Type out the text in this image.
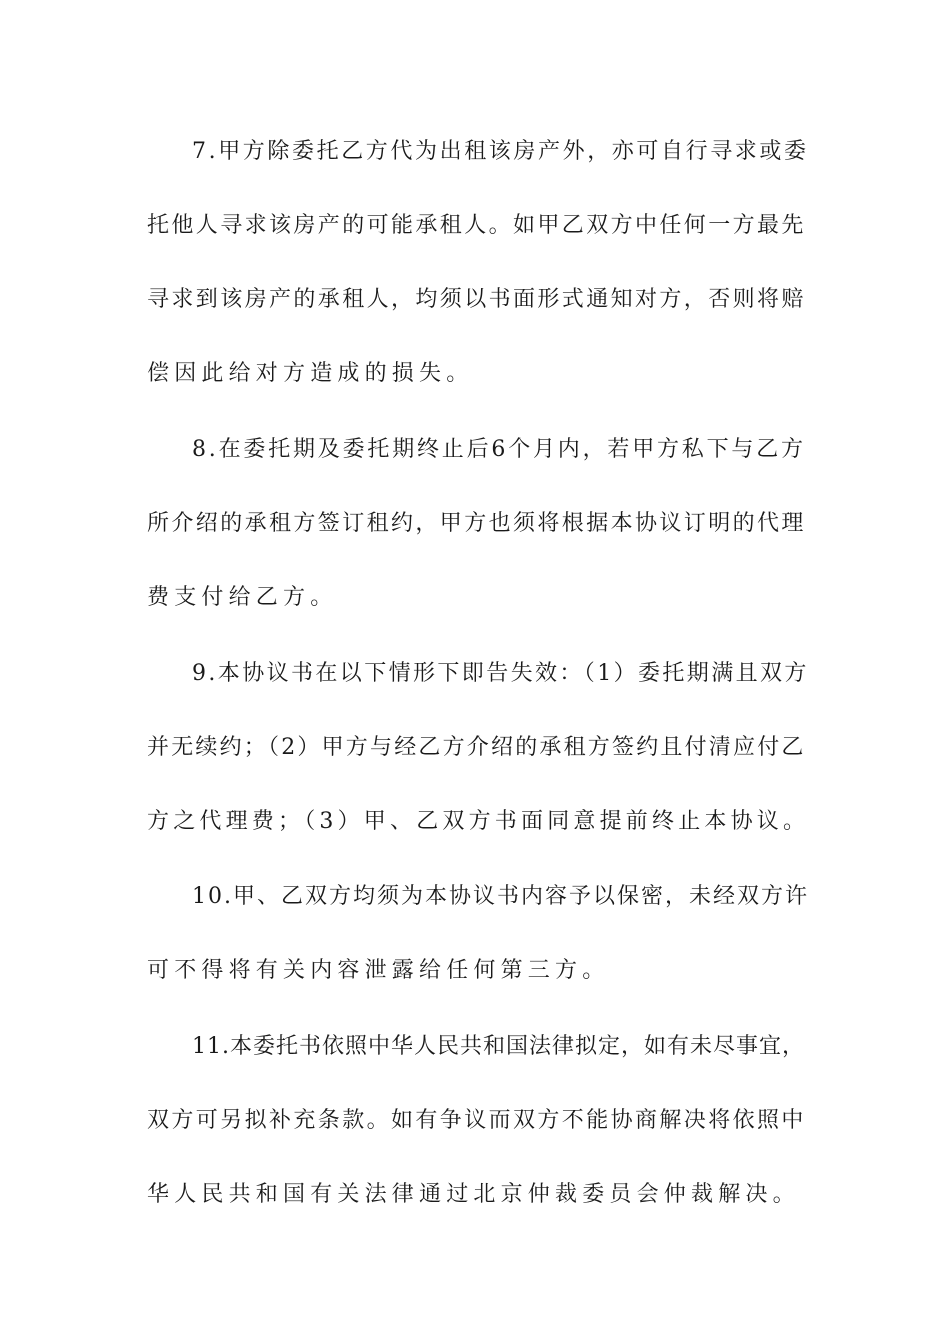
7.甲方除委托乙方代为出租该房产外，亦可自行寻求或委
托他人寻求该房产的可能承租人。如甲乙双方中任何一方最先
寻求到该房产的承租人，均须以书面形式通知对方，否则将赔
偿因此给对方造成的损失。
8.在委托期及委托期终止后6个月内，若甲方私下与乙方
所介绍的承租方签订租约，甲方也须将根据本协议订明的代理
费支付给乙方。
9.本协议书在以下情形下即告失效：（1）委托期满且双方
并无续约；（2）甲方与经乙方介绍的承租方签约且付清应付乙
方之代理费；（3）甲、乙双方书面同意提前终止本协议。
10.甲、乙双方均须为本协议书内容予以保密，未经双方许
可不得将有关内容泄露给任何第三方。
11.本委托书依照中华人民共和国法律拟定，如有未尽事宜，
双方可另拟补充条款。如有争议而双方不能协商解决将依照中
华人民共和国有关法律通过北京仲裁委员会仲裁解决。
